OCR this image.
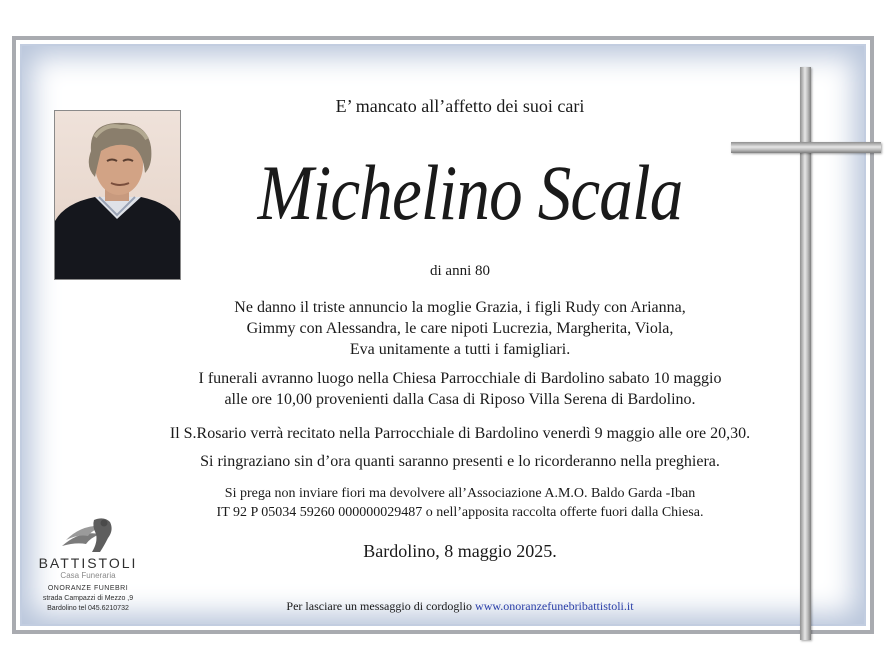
E’ mancato all’affetto dei suoi cari
Michelino Scala
di anni 80
Ne danno il triste annuncio la moglie Grazia, i figli Rudy con Arianna,
Gimmy con Alessandra, le care nipoti Lucrezia, Margherita, Viola,
Eva unitamente a tutti i famigliari.
I funerali avranno luogo nella Chiesa Parrocchiale di Bardolino sabato 10 maggio
alle ore 10,00 provenienti dalla Casa di Riposo Villa Serena di Bardolino.
Il S.Rosario verrà recitato nella Parrocchiale di Bardolino venerdì 9 maggio alle ore 20,30.
Si ringraziano sin d’ora quanti saranno presenti e lo ricorderanno nella preghiera.
Si prega non inviare fiori ma devolvere all’Associazione A.M.O. Baldo Garda -Iban
IT 92 P 05034 59260 000000029487 o nell’apposita raccolta offerte fuori dalla Chiesa.
Bardolino, 8 maggio 2025.
Per lasciare un messaggio di cordoglio www.onoranzefunebribattistoli.it
BATTISTOLI
Casa Funeraria
ONORANZE FUNEBRI
strada Campazzi di Mezzo ,9
Bardolino tel 045.6210732
